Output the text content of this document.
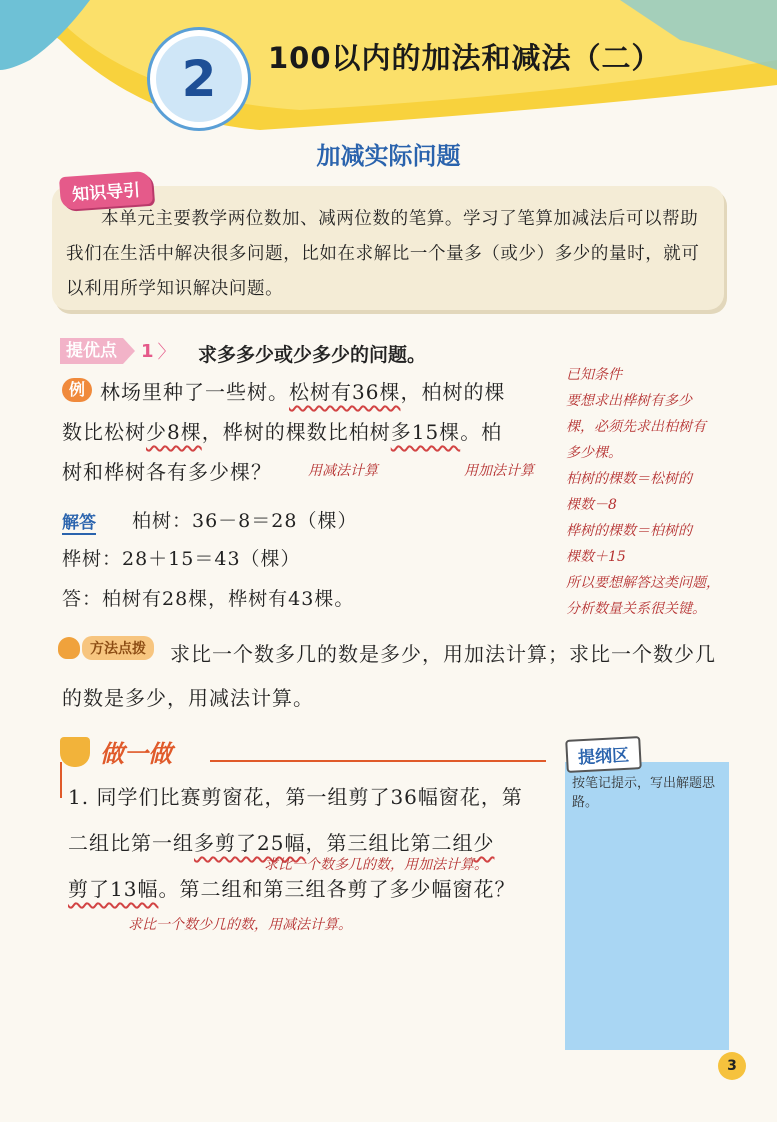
2	100以内的加法和减法（二）
加减实际问题
知识导引
本单元主要教学两位数加、减两位数的笔算。学习了笔算加减法后可以帮助我们在生活中解决很多问题，比如在求解比一个量多（或少）多少的量时，就可以利用所学知识解决问题。
提优点	1 〉 求多多少或少多少的问题。
例 林场里种了一些树。松树有36棵，柏树的棵
数比松树少8棵，桦树的棵数比柏树多15棵。柏
树和桦树各有多少棵？	用减法计算	用加法计算
已知条件
要想求出桦树有多少
棵，必须先求出柏树有
多少棵。
柏树的棵数＝松树的
棵数－8
桦树的棵数＝柏树的
棵数＋15
所以要想解答这类问题，
分析数量关系很关键。
解答 柏树：36－8＝28（棵）
桦树：28＋15＝43（棵）
答：柏树有28棵，桦树有43棵。
方法点拨	求比一个数多几的数是多少，用加法计算；求比一个数少几的数是多少，用减法计算。
做一做
1. 同学们比赛剪窗花，第一组剪了36幅窗花，第
二组比第一组多剪了25幅，第三组比第二组少
剪了13幅。第二组和第三组各剪了多少幅窗花？
求比一个数多几的数，用加法计算。
求比一个数少几的数，用减法计算。
提纲区
按笔记提示，写出解题思路。
3
